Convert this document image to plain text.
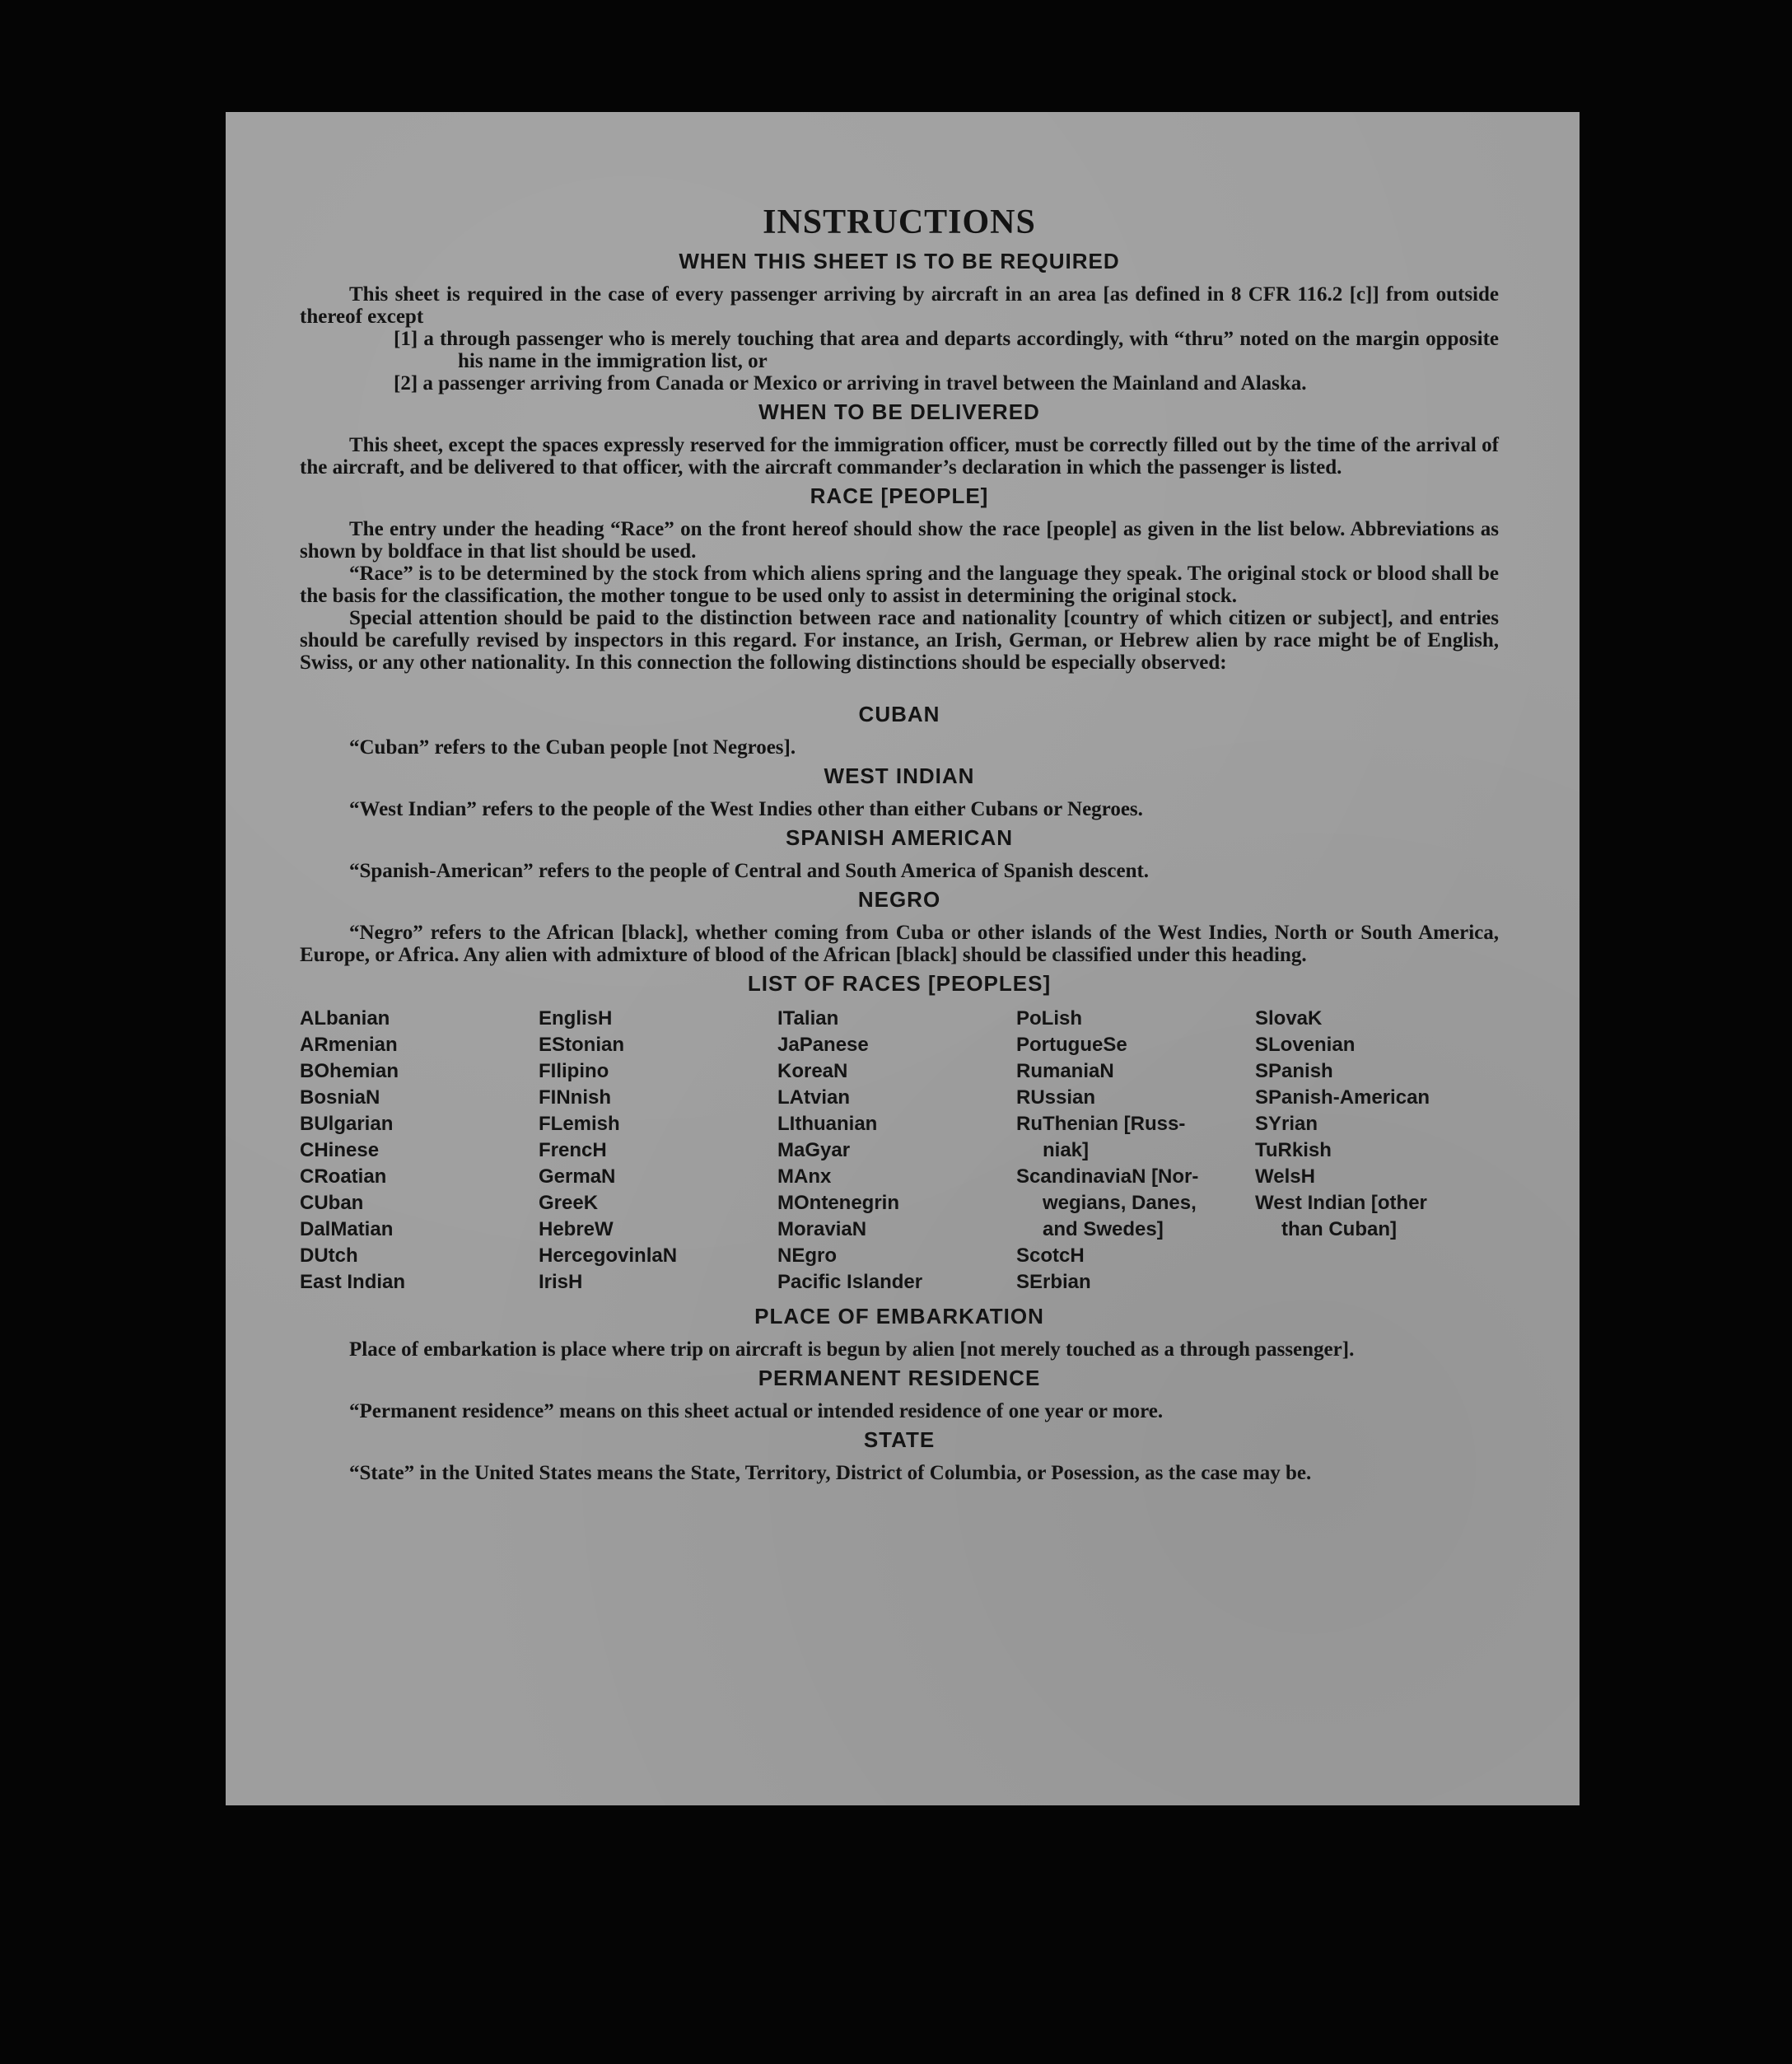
INSTRUCTIONS
WHEN THIS SHEET IS TO BE REQUIRED

This sheet is required in the case of every passenger arriving by aircraft in an area [as defined in 8 CFR 116.2 [c]] from outside thereof except

[1] a through passenger who is merely touching that area and departs accordingly, with “thru” noted on the margin opposite his name in the immigration list, or
[2] a passenger arriving from Canada or Mexico or arriving in travel between the Mainland and Alaska.
WHEN TO BE DELIVERED

This sheet, except the spaces expressly reserved for the immigration officer, must be correctly filled out by the time of the arrival of the aircraft, and be delivered to that officer, with the aircraft commander’s declaration in which the passenger is listed.

RACE [PEOPLE]

The entry under the heading “Race” on the front hereof should show the race [people] as given in the list below. Abbreviations as shown by boldface in that list should be used.

“Race” is to be determined by the stock from which aliens spring and the language they speak. The original stock or blood shall be the basis for the classification, the mother tongue to be used only to assist in determining the original stock.

Special attention should be paid to the distinction between race and nationality [country of which citizen or subject], and entries should be carefully revised by inspectors in this regard. For instance, an Irish, German, or Hebrew alien by race might be of English, Swiss, or any other nationality. In this connection the following distinctions should be especially observed:

CUBAN

“Cuban” refers to the Cuban people [not Negroes].

WEST INDIAN

“West Indian” refers to the people of the West Indies other than either Cubans or Negroes.

SPANISH AMERICAN

“Spanish-American” refers to the people of Central and South America of Spanish descent.

NEGRO

“Negro” refers to the African [black], whether coming from Cuba or other islands of the West Indies, North or South America, Europe, or Africa. Any alien with admixture of blood of the African [black] should be classified under this heading.

LIST OF RACES [PEOPLES]
ALbanian
ARmenian
BOhemian
BosniaN
BUlgarian
CHinese
CRoatian
CUban
DalMatian
DUtch
East Indian
EnglisH
EStonian
FIlipino
FINnish
FLemish
FrencH
GermaN
GreeK
HebreW
HercegovinlaN
IrisH
ITalian
JaPanese
KoreaN
LAtvian
LIthuanian
MaGyar
MAnx
MOntenegrin
MoraviaN
NEgro
Pacific Islander
PoLish
PortugueSe
RumaniaN
RUssian
RuThenian [Russ-
niak]
ScandinaviaN [Nor-
wegians, Danes,
and Swedes]
ScotcH
SErbian
SlovaK
SLovenian
SPanish
SPanish-American
SYrian
TuRkish
WelsH
West Indian [other
than Cuban]
PLACE OF EMBARKATION

Place of embarkation is place where trip on aircraft is begun by alien [not merely touched as a through passenger].

PERMANENT RESIDENCE

“Permanent residence” means on this sheet actual or intended residence of one year or more.

STATE

“State” in the United States means the State, Territory, District of Columbia, or Posession, as the case may be.
